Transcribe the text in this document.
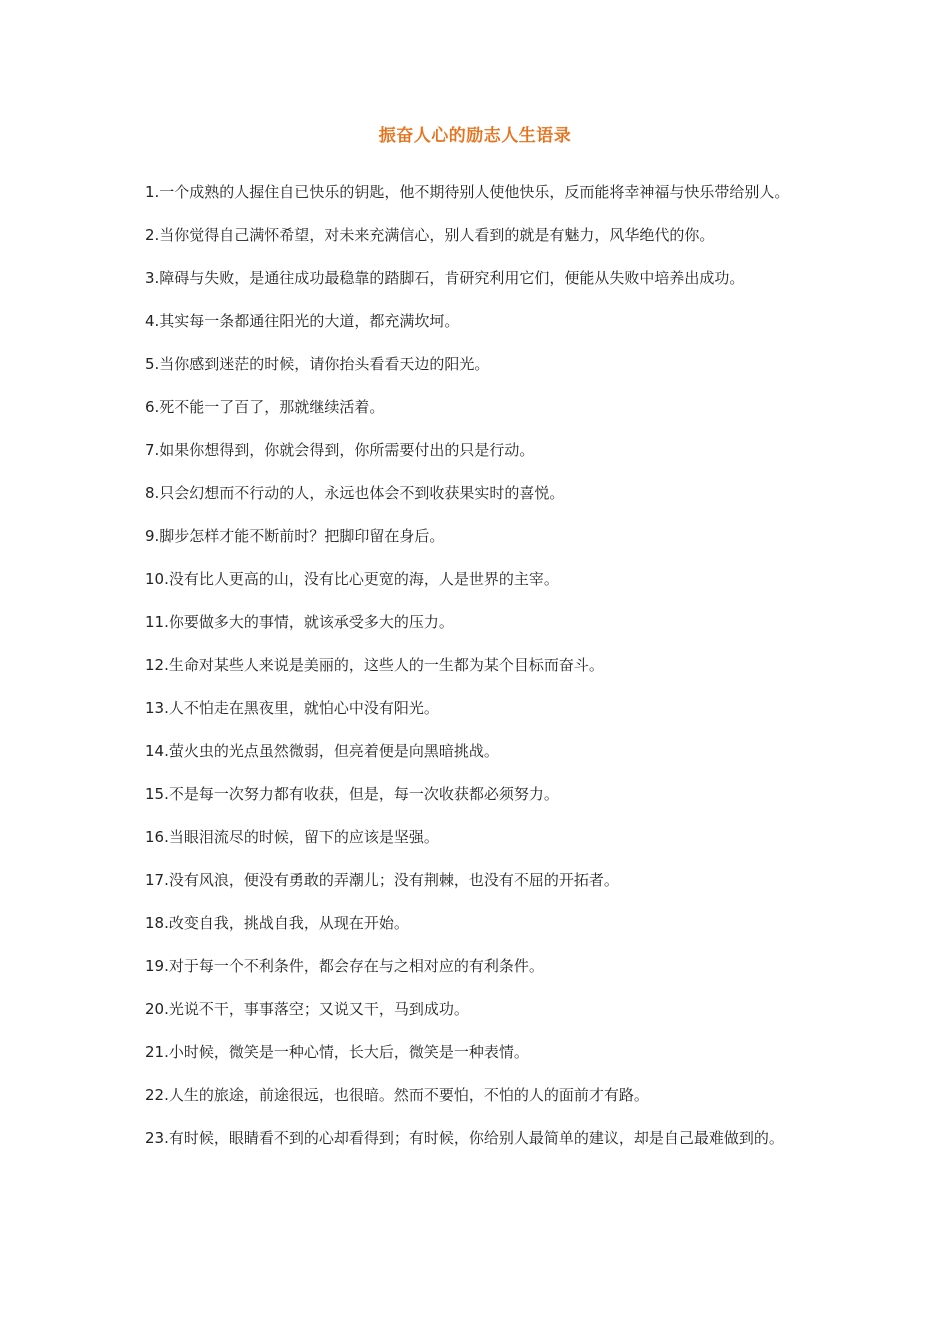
振奋人心的励志人生语录
1.一个成熟的人握住自已快乐的钥匙，他不期待别人使他快乐，反而能将幸神福与快乐带给别人。
2.当你觉得自己满怀希望，对未来充满信心，别人看到的就是有魅力，风华绝代的你。
3.障碍与失败，是通往成功最稳靠的踏脚石，肯研究利用它们，便能从失败中培养出成功。
4.其实每一条都通往阳光的大道，都充满坎坷。
5.当你感到迷茫的时候，请你抬头看看天边的阳光。
6.死不能一了百了，那就继续活着。
7.如果你想得到，你就会得到，你所需要付出的只是行动。
8.只会幻想而不行动的人，永远也体会不到收获果实时的喜悦。
9.脚步怎样才能不断前时？把脚印留在身后。
10.没有比人更高的山，没有比心更宽的海，人是世界的主宰。
11.你要做多大的事情，就该承受多大的压力。
12.生命对某些人来说是美丽的，这些人的一生都为某个目标而奋斗。
13.人不怕走在黑夜里，就怕心中没有阳光。
14.萤火虫的光点虽然微弱，但亮着便是向黑暗挑战。
15.不是每一次努力都有收获，但是，每一次收获都必须努力。
16.当眼泪流尽的时候，留下的应该是坚强。
17.没有风浪，便没有勇敢的弄潮儿；没有荆棘，也没有不屈的开拓者。
18.改变自我，挑战自我，从现在开始。
19.对于每一个不利条件，都会存在与之相对应的有利条件。
20.光说不干，事事落空；又说又干，马到成功。
21.小时候，微笑是一种心情，长大后，微笑是一种表情。
22.人生的旅途，前途很远，也很暗。然而不要怕，不怕的人的面前才有路。
23.有时候，眼睛看不到的心却看得到；有时候，你给别人最简单的建议，却是自己最难做到的。
